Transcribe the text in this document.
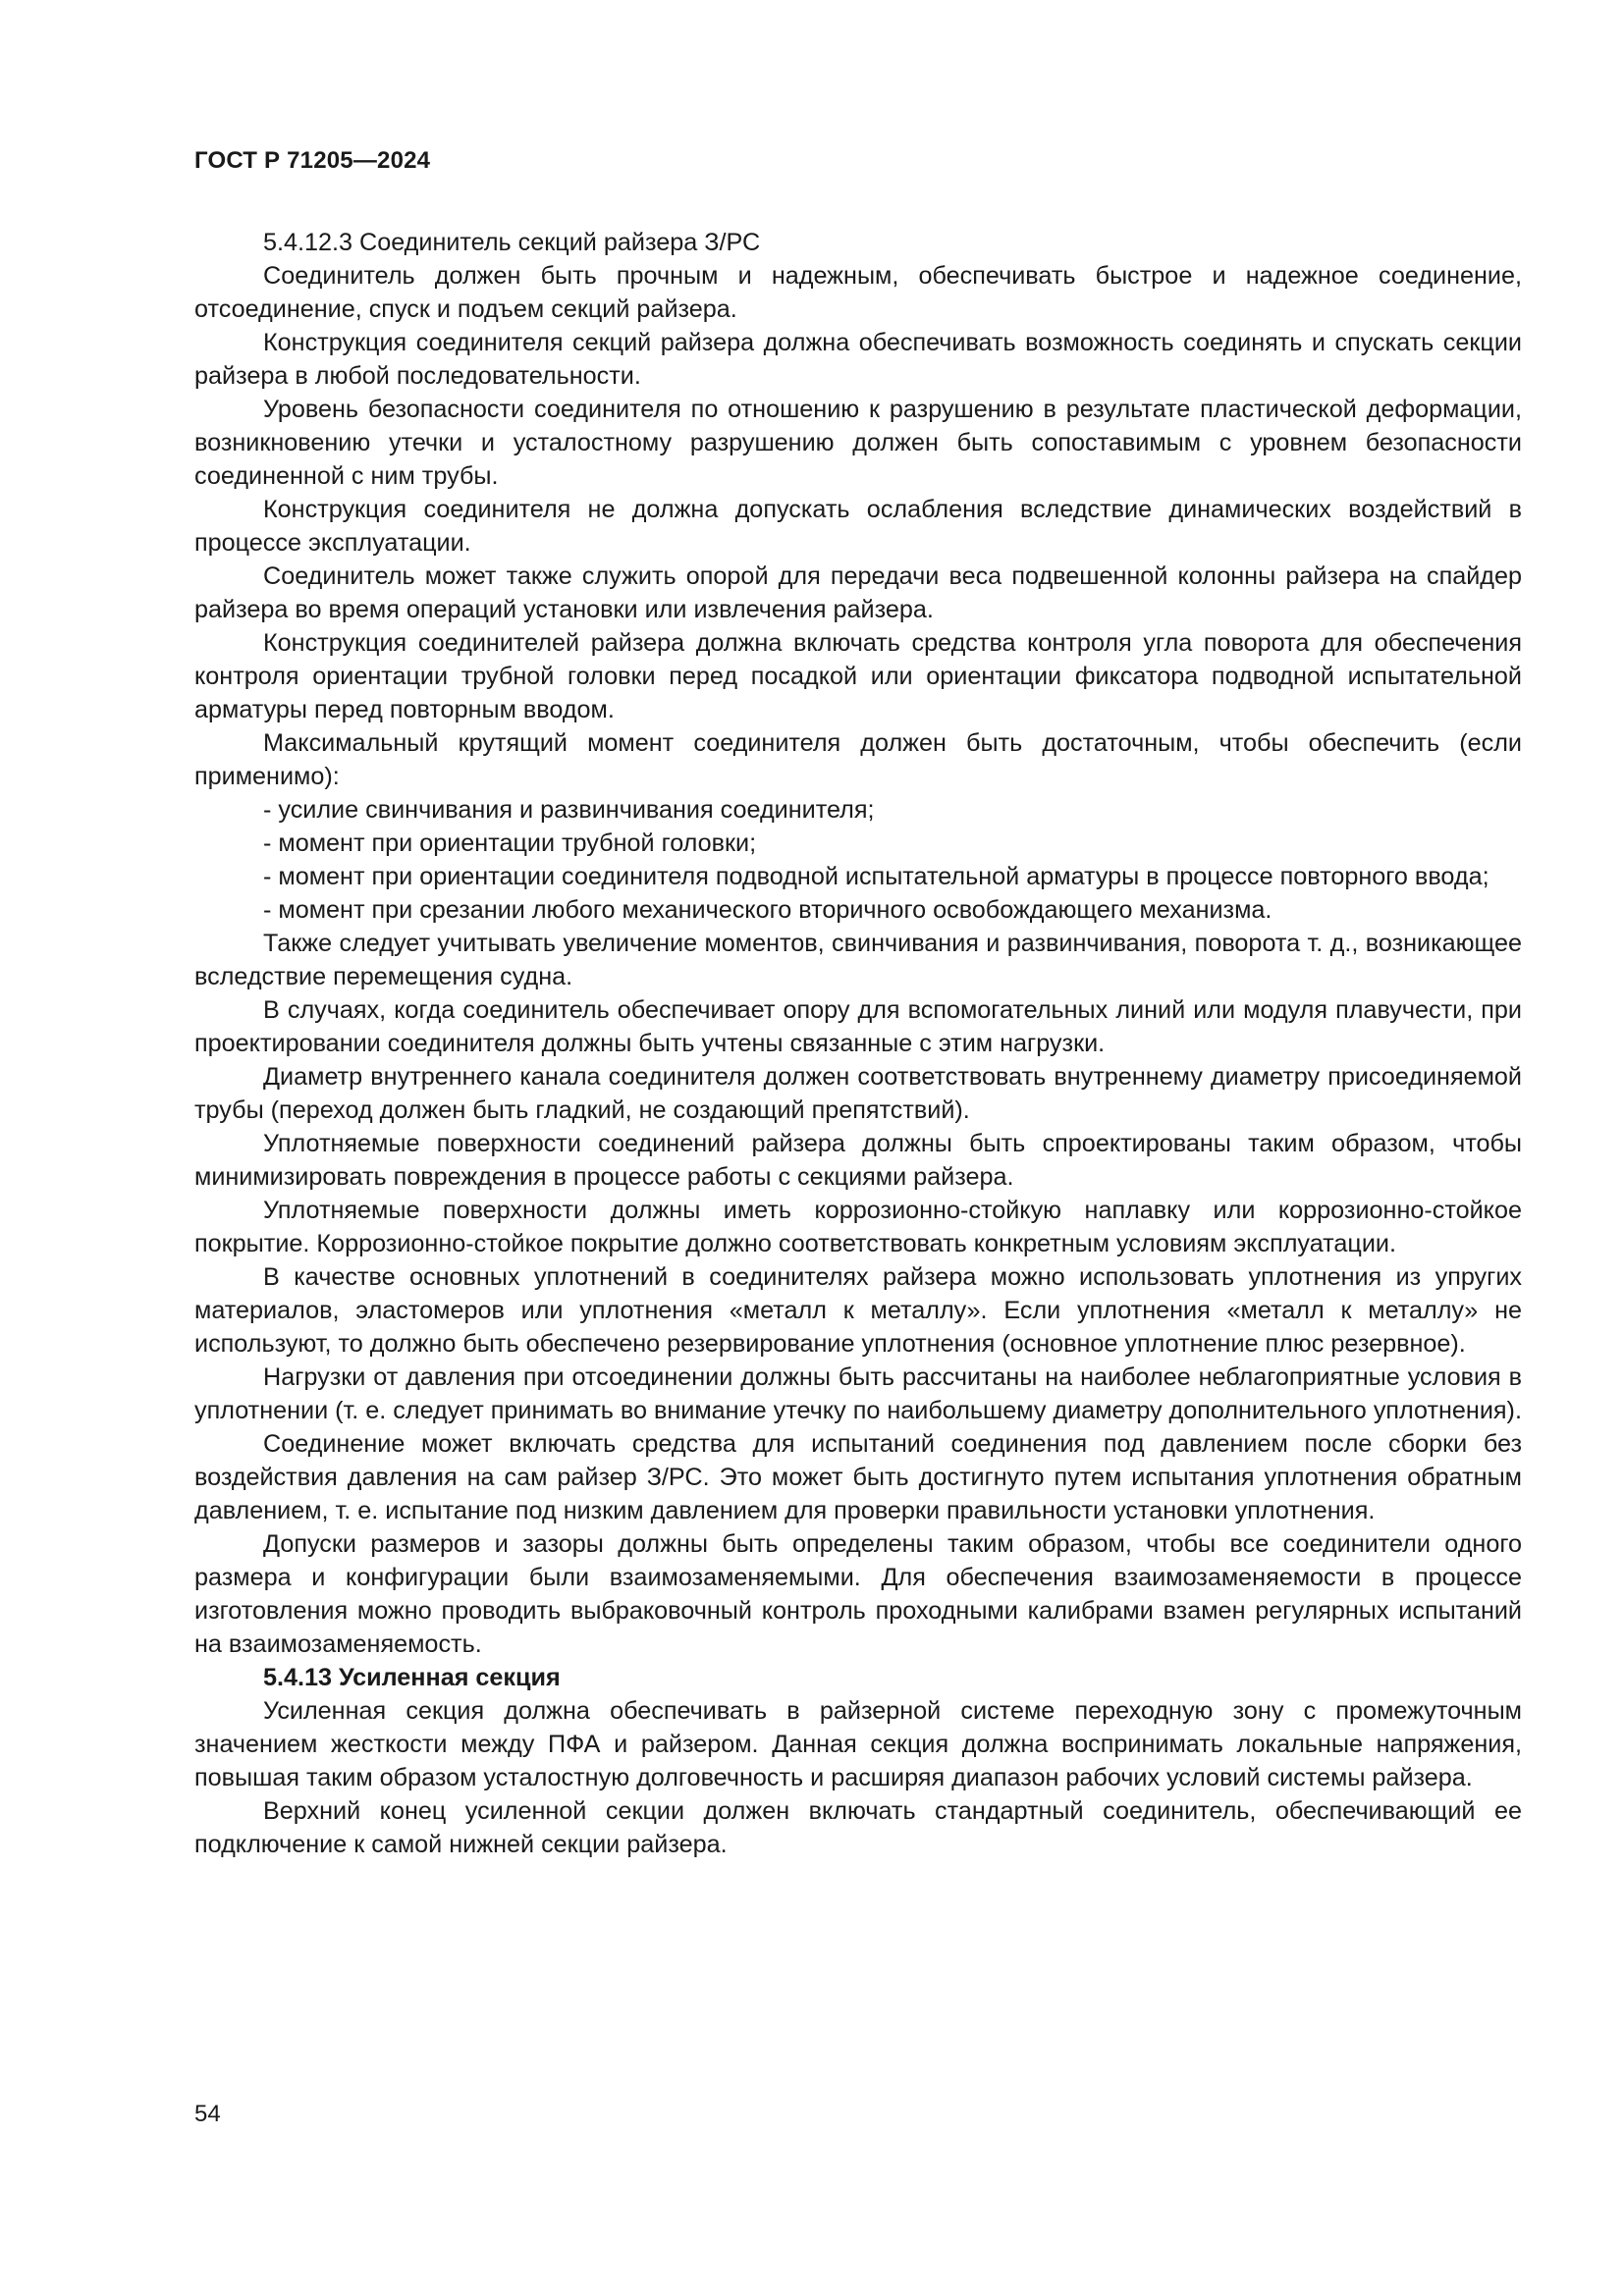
ГОСТ Р 71205—2024

5.4.12.3 Соединитель секций райзера З/РС

Соединитель должен быть прочным и надежным, обеспечивать быстрое и надежное соединение, отсоединение, спуск и подъем секций райзера.

Конструкция соединителя секций райзера должна обеспечивать возможность соединять и спускать секции райзера в любой последовательности.

Уровень безопасности соединителя по отношению к разрушению в результате пластической деформации, возникновению утечки и усталостному разрушению должен быть сопоставимым с уровнем безопасности соединенной с ним трубы.

Конструкция соединителя не должна допускать ослабления вследствие динамических воздействий в процессе эксплуатации.

Соединитель может также служить опорой для передачи веса подвешенной колонны райзера на спайдер райзера во время операций установки или извлечения райзера.

Конструкция соединителей райзера должна включать средства контроля угла поворота для обеспечения контроля ориентации трубной головки перед посадкой или ориентации фиксатора подводной испытательной арматуры перед повторным вводом.

Максимальный крутящий момент соединителя должен быть достаточным, чтобы обеспечить (если применимо):

- усилие свинчивания и развинчивания соединителя;

- момент при ориентации трубной головки;

- момент при ориентации соединителя подводной испытательной арматуры в процессе повторного ввода;

- момент при срезании любого механического вторичного освобождающего механизма.

Также следует учитывать увеличение моментов, свинчивания и развинчивания, поворота т. д., возникающее вследствие перемещения судна.

В случаях, когда соединитель обеспечивает опору для вспомогательных линий или модуля плавучести, при проектировании соединителя должны быть учтены связанные с этим нагрузки.

Диаметр внутреннего канала соединителя должен соответствовать внутреннему диаметру присоединяемой трубы (переход должен быть гладкий, не создающий препятствий).

Уплотняемые поверхности соединений райзера должны быть спроектированы таким образом, чтобы минимизировать повреждения в процессе работы с секциями райзера.

Уплотняемые поверхности должны иметь коррозионно-стойкую наплавку или коррозионно-стойкое покрытие. Коррозионно-стойкое покрытие должно соответствовать конкретным условиям эксплуатации.

В качестве основных уплотнений в соединителях райзера можно использовать уплотнения из упругих материалов, эластомеров или уплотнения «металл к металлу». Если уплотнения «металл к металлу» не используют, то должно быть обеспечено резервирование уплотнения (основное уплотнение плюс резервное).

Нагрузки от давления при отсоединении должны быть рассчитаны на наиболее неблагоприятные условия в уплотнении (т. е. следует принимать во внимание утечку по наибольшему диаметру дополнительного уплотнения).

Соединение может включать средства для испытаний соединения под давлением после сборки без воздействия давления на сам райзер З/РС. Это может быть достигнуто путем испытания уплотнения обратным давлением, т. е. испытание под низким давлением для проверки правильности установки уплотнения.

Допуски размеров и зазоры должны быть определены таким образом, чтобы все соединители одного размера и конфигурации были взаимозаменяемыми. Для обеспечения взаимозаменяемости в процессе изготовления можно проводить выбраковочный контроль проходными калибрами взамен регулярных испытаний на взаимозаменяемость.

5.4.13 Усиленная секция

Усиленная секция должна обеспечивать в райзерной системе переходную зону с промежуточным значением жесткости между ПФА и райзером. Данная секция должна воспринимать локальные напряжения, повышая таким образом усталостную долговечность и расширяя диапазон рабочих условий системы райзера.

Верхний конец усиленной секции должен включать стандартный соединитель, обеспечивающий ее подключение к самой нижней секции райзера.

54
